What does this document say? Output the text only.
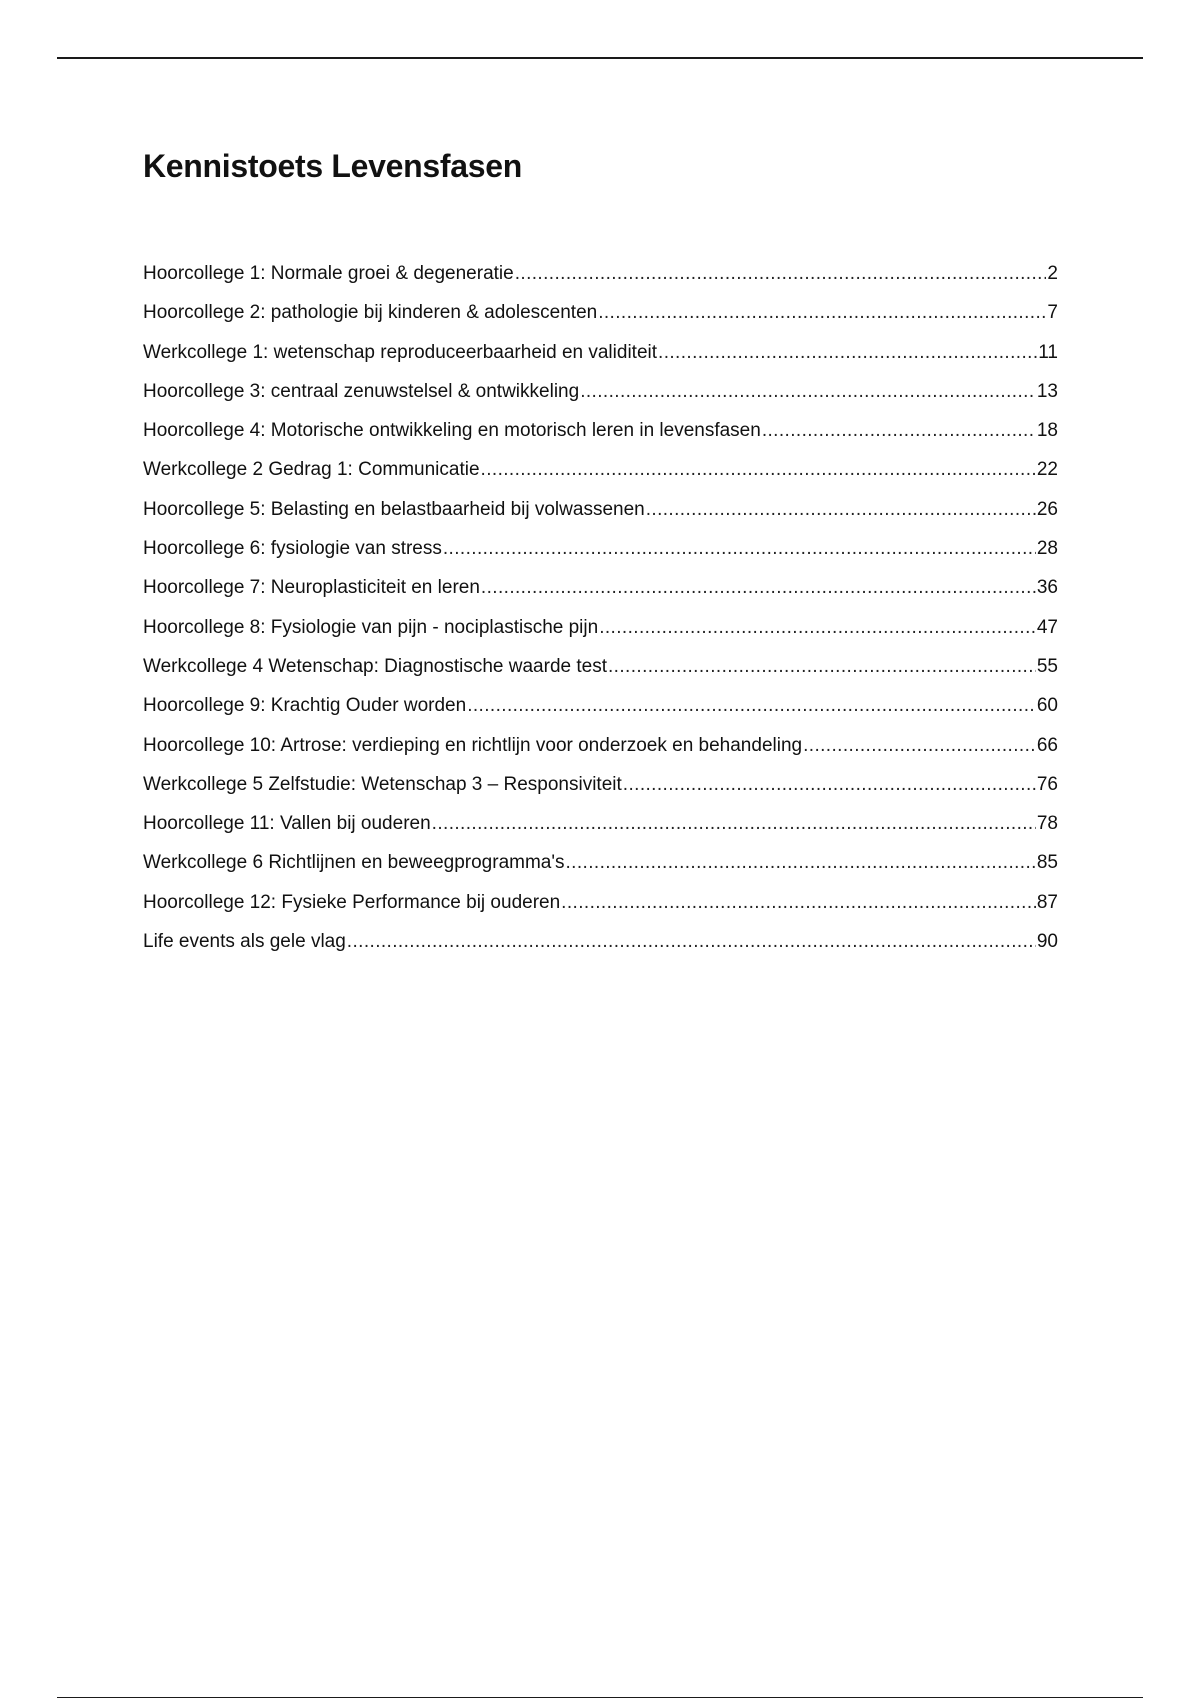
Kennistoets Levensfasen
Hoorcollege 1: Normale groei & degeneratie .....	2
Hoorcollege 2: pathologie bij kinderen & adolescenten .....	7
Werkcollege 1: wetenschap reproduceerbaarheid en validiteit .....	11
Hoorcollege 3: centraal zenuwstelsel & ontwikkeling .....	13
Hoorcollege 4: Motorische ontwikkeling en motorisch leren in levensfasen .....	18
Werkcollege 2 Gedrag 1: Communicatie .....	22
Hoorcollege 5: Belasting en belastbaarheid bij volwassenen .....	26
Hoorcollege 6: fysiologie van stress .....	28
Hoorcollege 7: Neuroplasticiteit en leren .....	36
Hoorcollege 8: Fysiologie van pijn - nociplastische pijn .....	47
Werkcollege 4 Wetenschap: Diagnostische waarde test .....	55
Hoorcollege 9: Krachtig Ouder worden .....	60
Hoorcollege 10: Artrose: verdieping en richtlijn voor onderzoek en behandeling .....	66
Werkcollege 5 Zelfstudie: Wetenschap 3 – Responsiviteit .....	76
Hoorcollege 11: Vallen bij ouderen .....	78
Werkcollege 6 Richtlijnen en beweegprogramma's .....	85
Hoorcollege 12: Fysieke Performance bij ouderen .....	87
Life events als gele vlag .....	90
